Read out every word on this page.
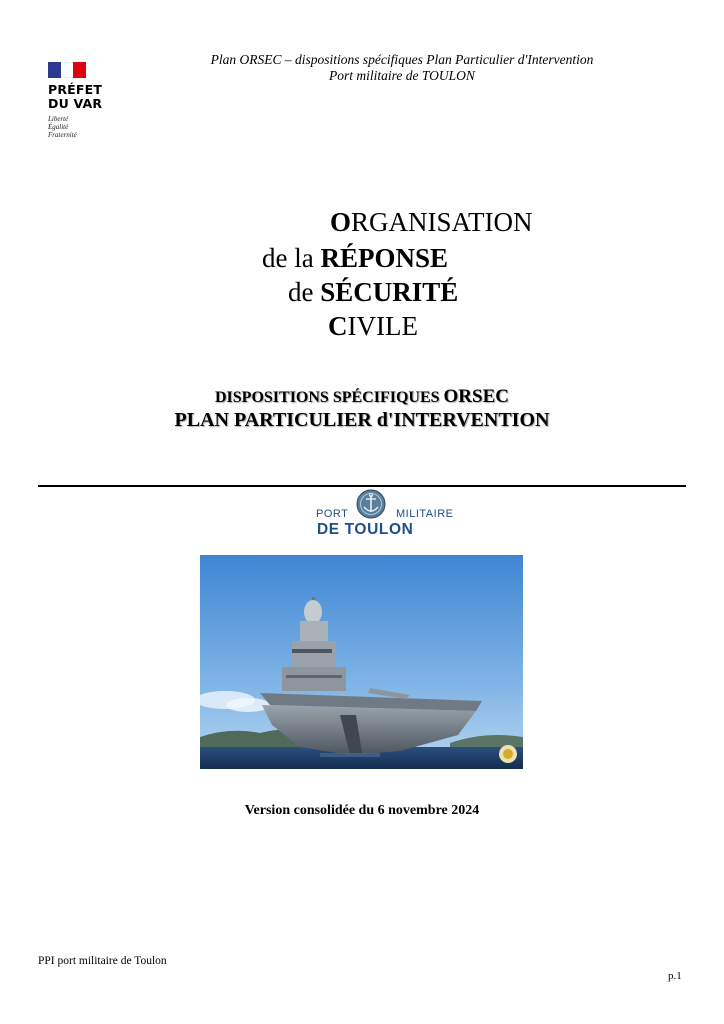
PRÉFET
DU VAR
Liberté
Égalité
Fraternité
Plan ORSEC – dispositions spécifiques Plan Particulier d'Intervention
Port militaire de TOULON
ORGANISATION
de la RÉPONSE
de SÉCURITÉ
CIVILE
DISPOSITIONS SPÉCIFIQUES ORSEC
PLAN PARTICULIER d'INTERVENTION
PORT	MILITAIRE
DE TOULON
Version consolidée du 6 novembre 2024
PPI port militaire de Toulon
p.1
